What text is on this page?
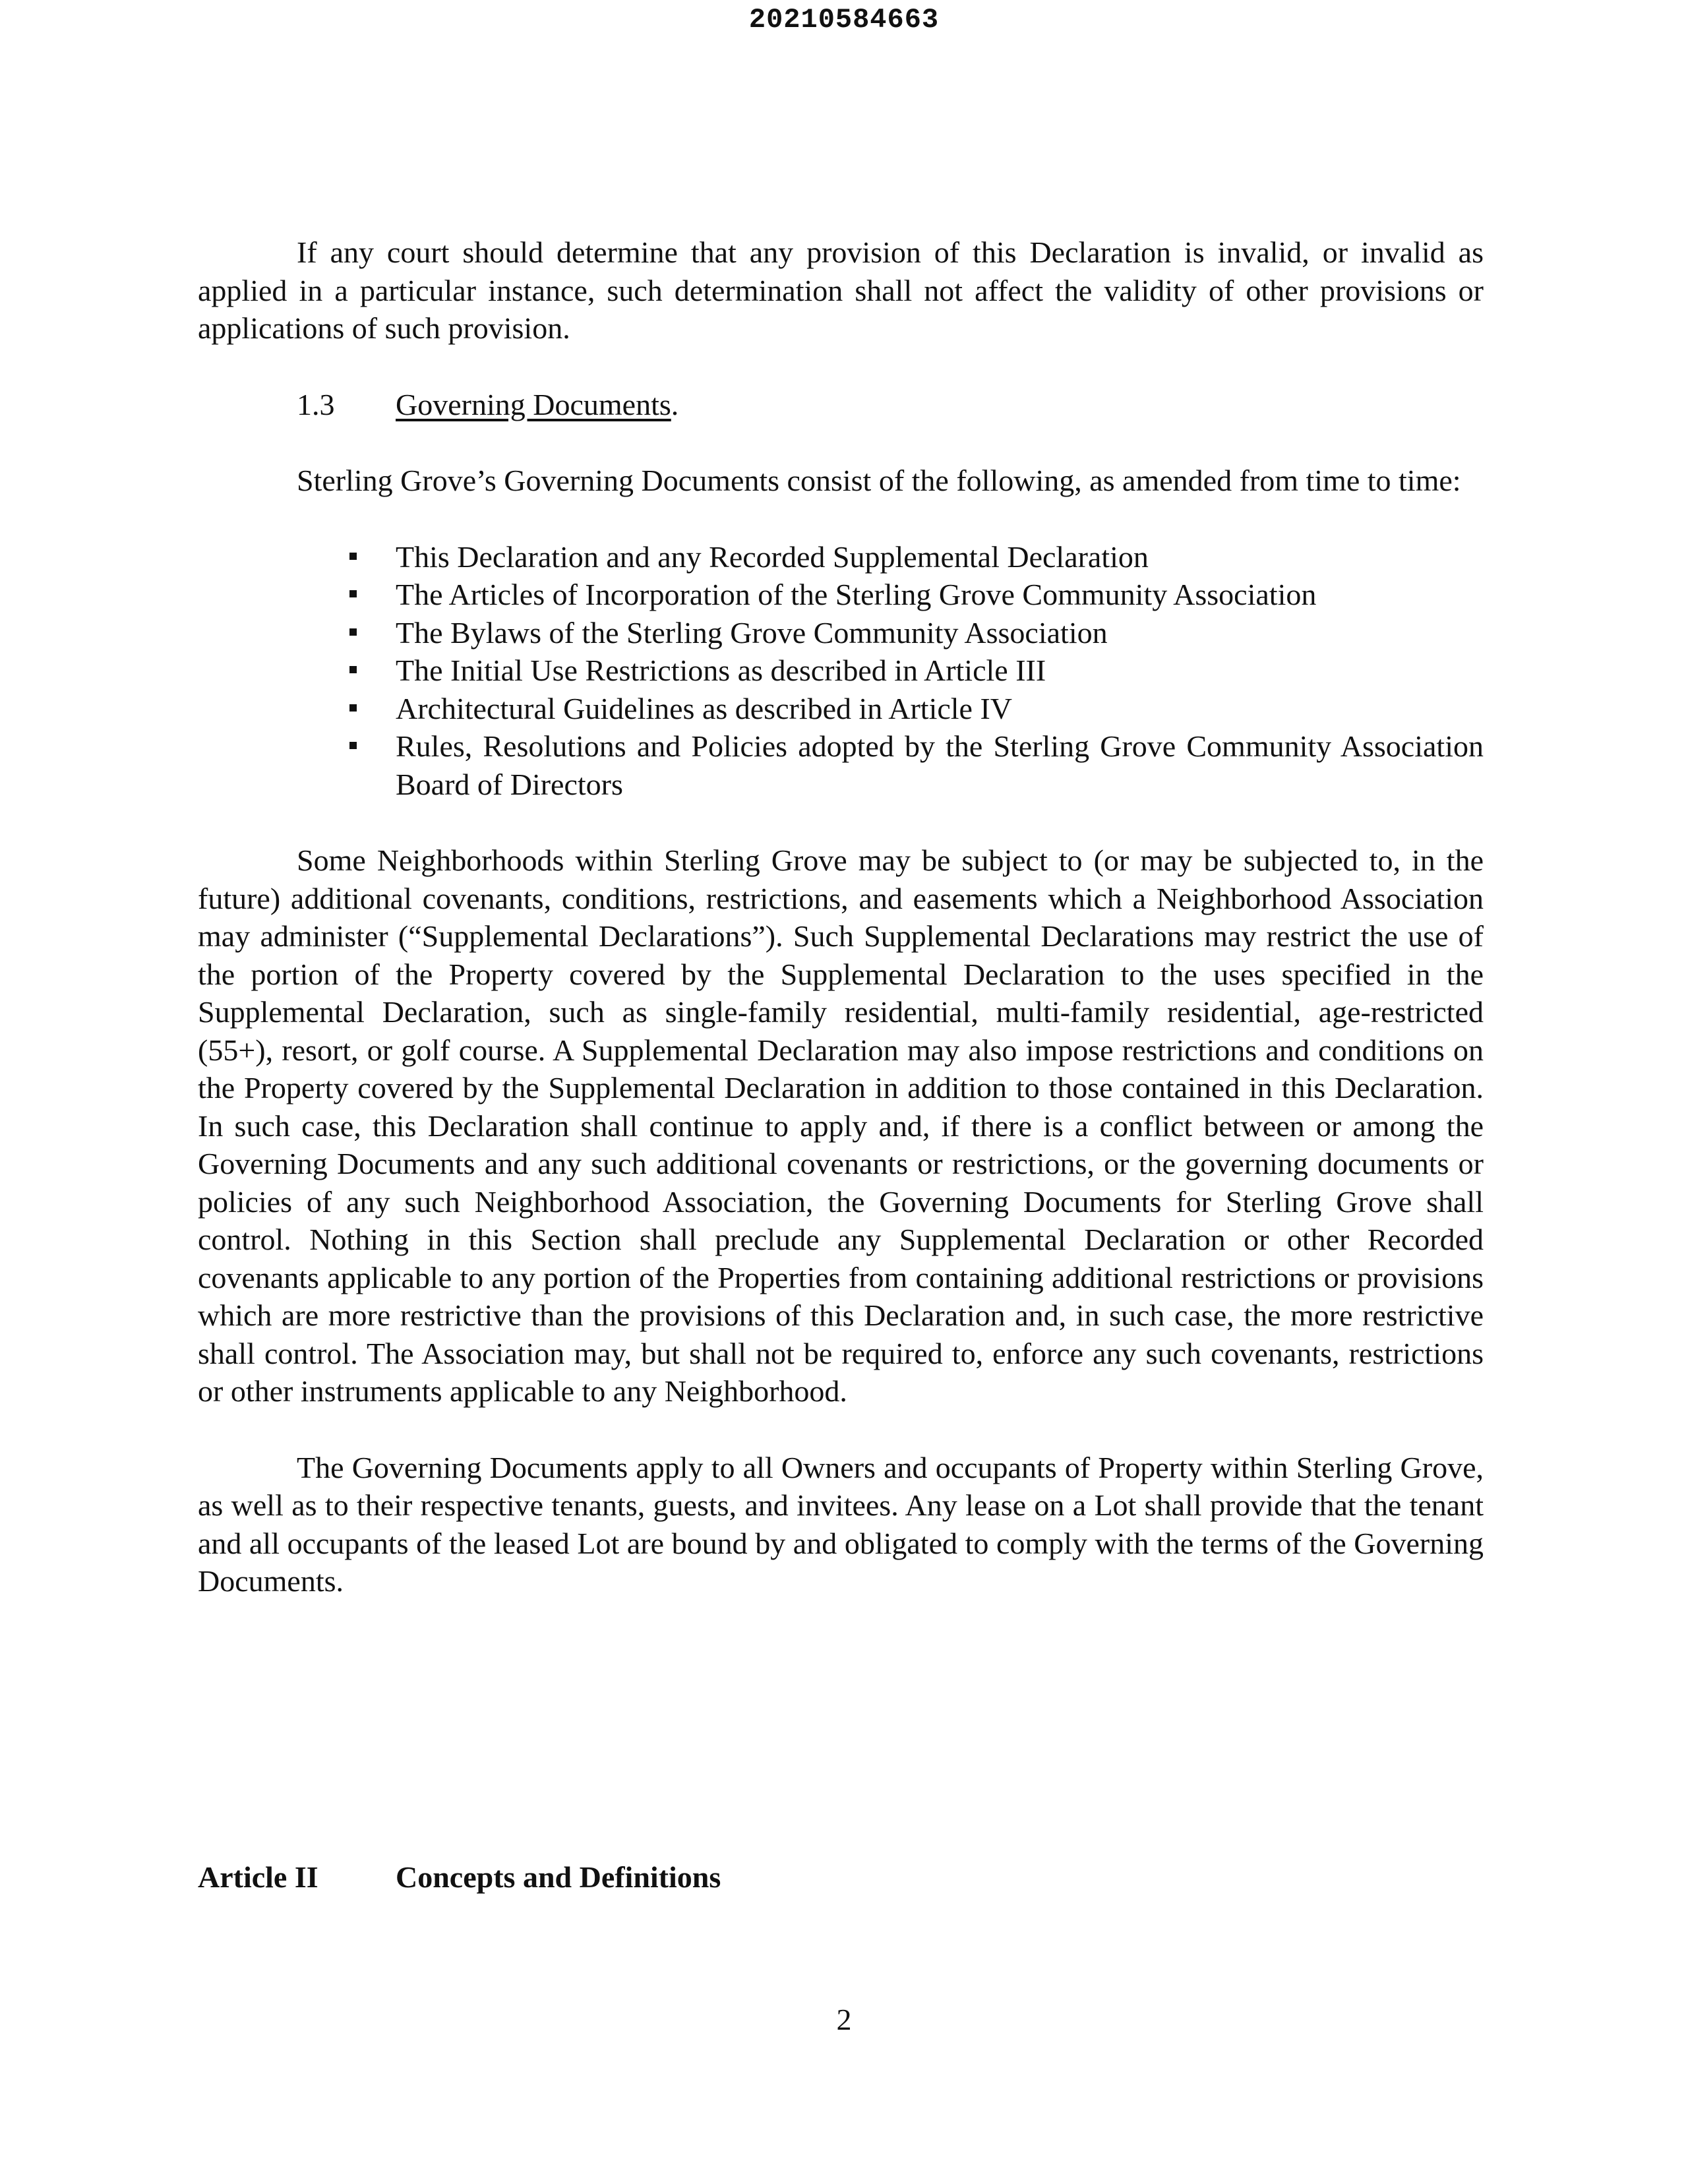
20210584663

If any court should determine that any provision of this Declaration is invalid, or invalid as applied in a particular instance, such determination shall not affect the validity of other provisions or applications of such provision.

1.3 Governing Documents.

Sterling Grove’s Governing Documents consist of the following, as amended from time to time:

This Declaration and any Recorded Supplemental Declaration
The Articles of Incorporation of the Sterling Grove Community Association
The Bylaws of the Sterling Grove Community Association
The Initial Use Restrictions as described in Article III
Architectural Guidelines as described in Article IV
Rules, Resolutions and Policies adopted by the Sterling Grove Community Association Board of Directors

Some Neighborhoods within Sterling Grove may be subject to (or may be subjected to, in the future) additional covenants, conditions, restrictions, and easements which a Neighborhood Association may administer (“Supplemental Declarations”). Such Supplemental Declarations may restrict the use of the portion of the Property covered by the Supplemental Declaration to the uses specified in the Supplemental Declaration, such as single-family residential, multi-family residential, age-restricted (55+), resort, or golf course. A Supplemental Declaration may also impose restrictions and conditions on the Property covered by the Supplemental Declaration in addition to those contained in this Declaration. In such case, this Declaration shall continue to apply and, if there is a conflict between or among the Governing Documents and any such additional covenants or restrictions, or the governing documents or policies of any such Neighborhood Association, the Governing Documents for Sterling Grove shall control. Nothing in this Section shall preclude any Supplemental Declaration or other Recorded covenants applicable to any portion of the Properties from containing additional restrictions or provisions which are more restrictive than the provisions of this Declaration and, in such case, the more restrictive shall control. The Association may, but shall not be required to, enforce any such covenants, restrictions or other instruments applicable to any Neighborhood.

The Governing Documents apply to all Owners and occupants of Property within Sterling Grove, as well as to their respective tenants, guests, and invitees. Any lease on a Lot shall provide that the tenant and all occupants of the leased Lot are bound by and obligated to comply with the terms of the Governing Documents.

Article II	Concepts and Definitions
2
